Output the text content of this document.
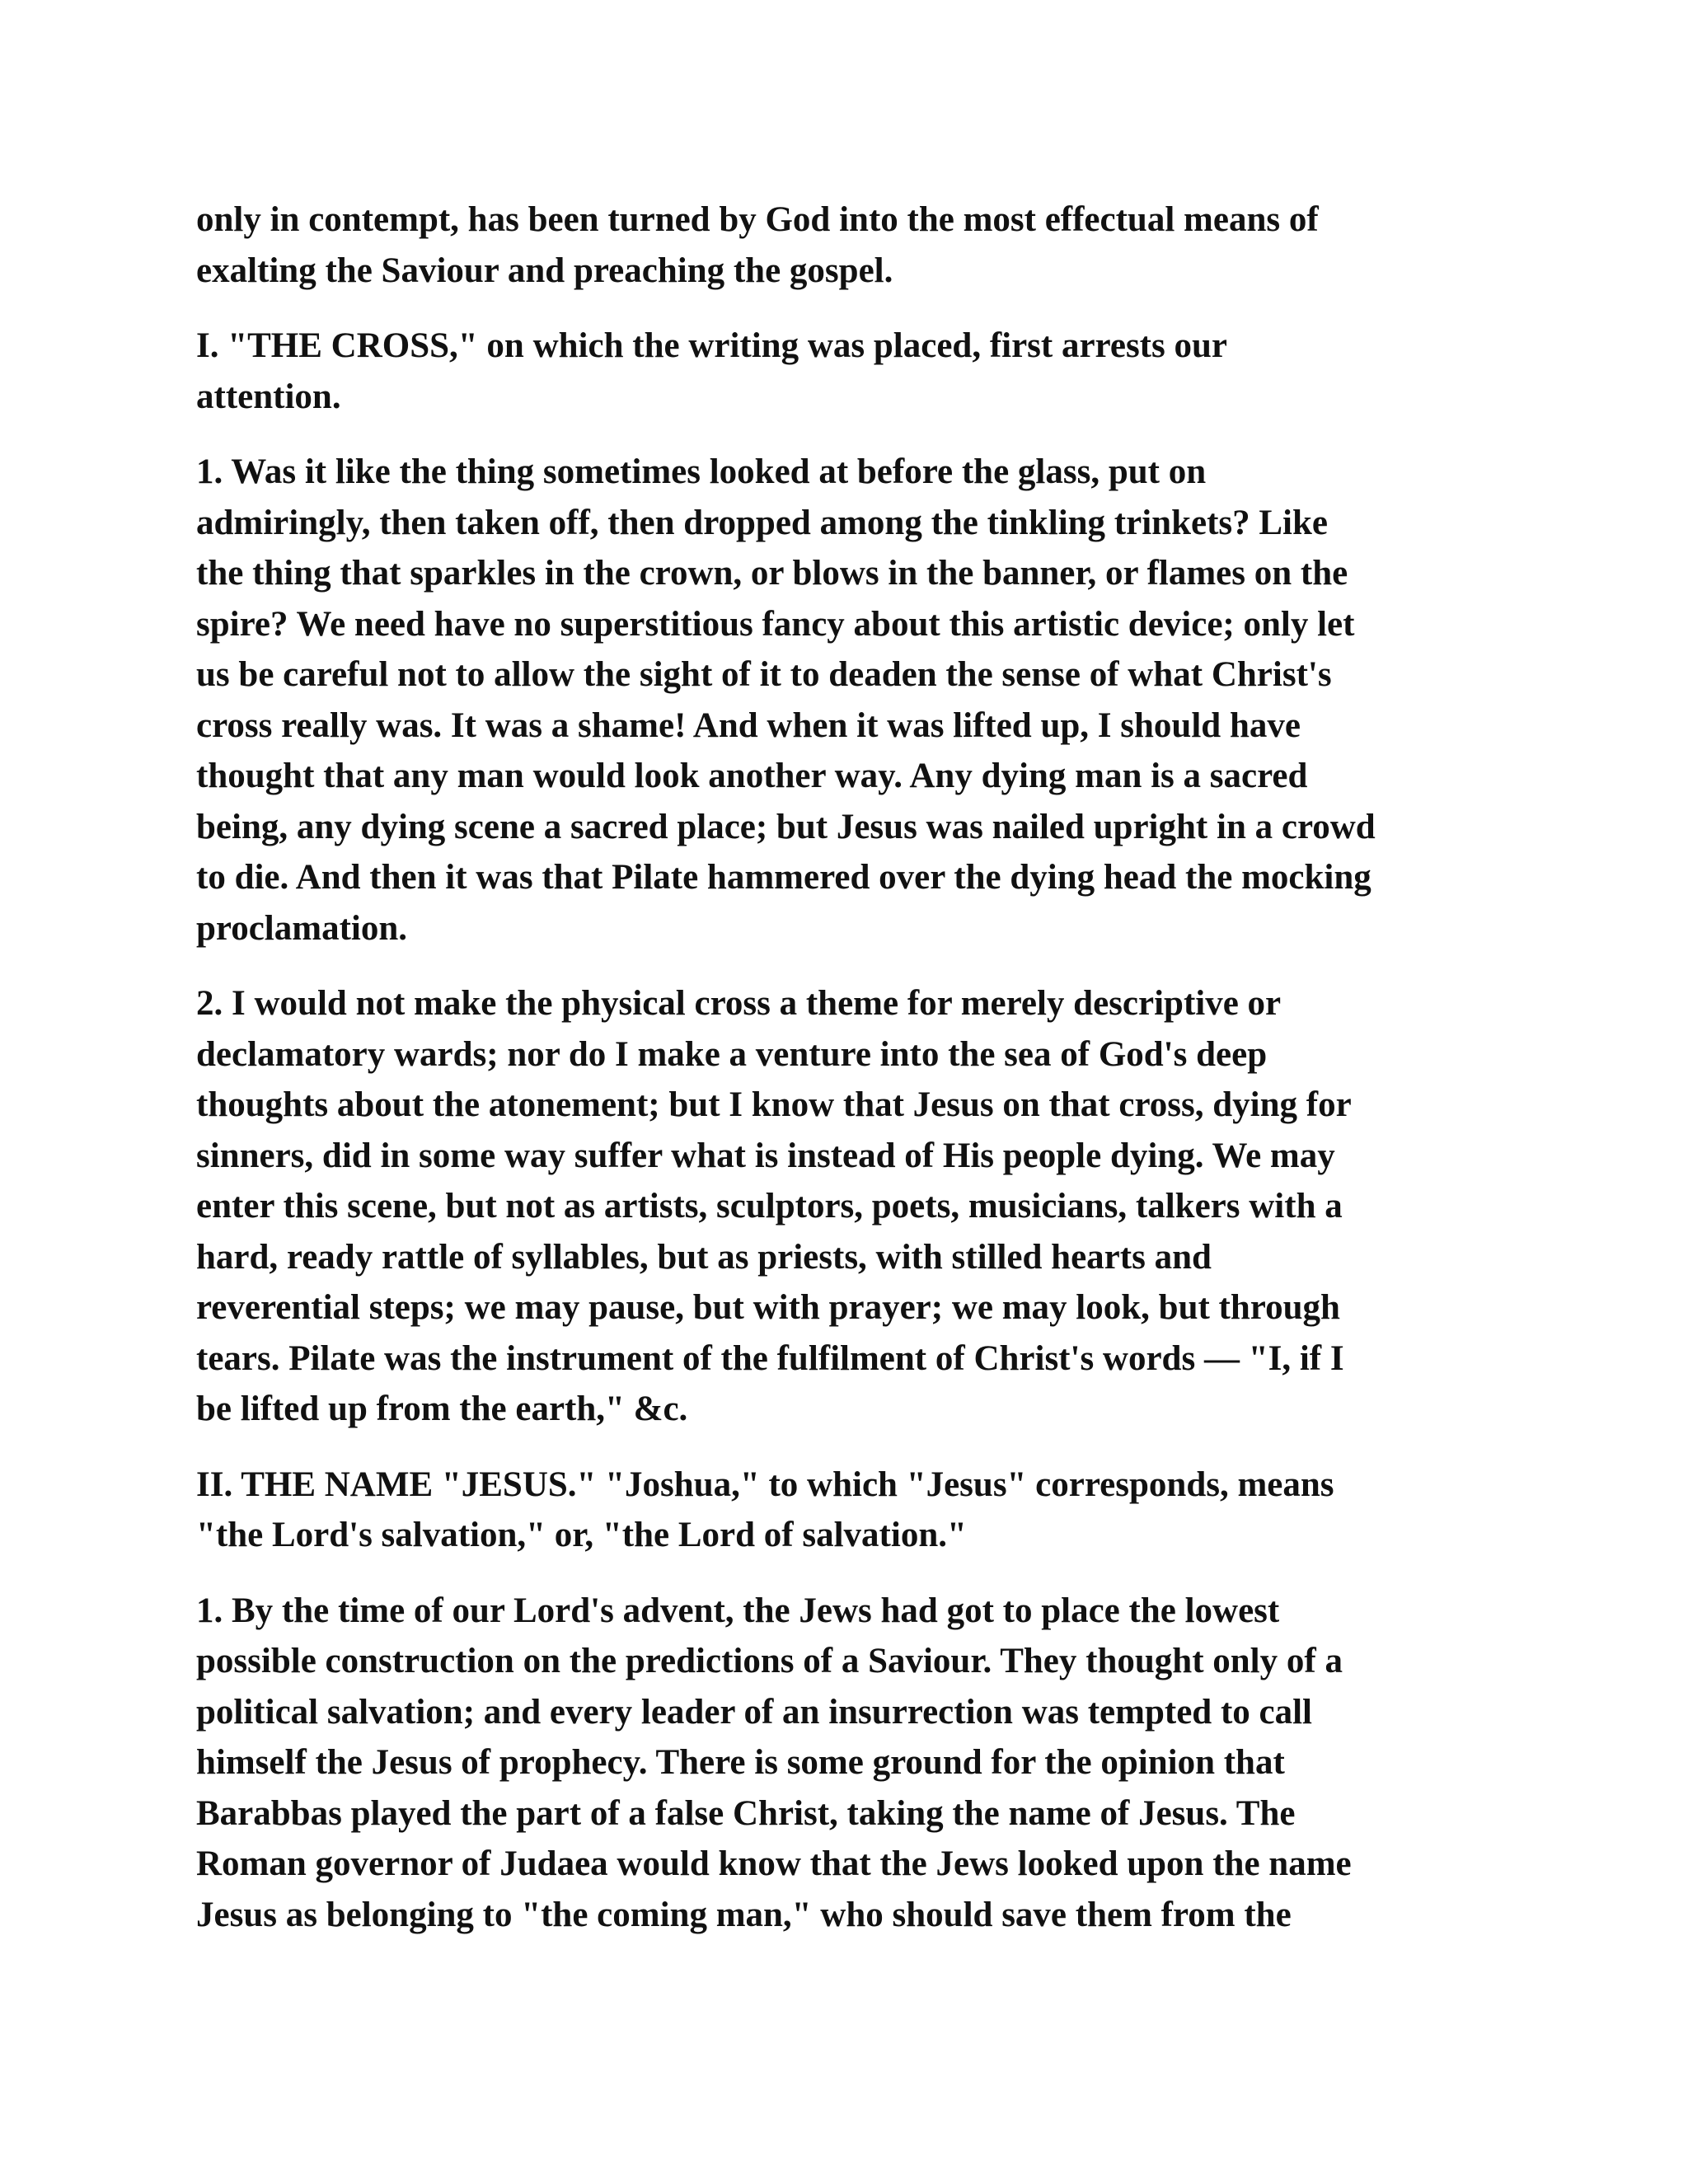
only in contempt, has been turned by God into the most effectual means of
exalting the Saviour and preaching the gospel.

I. "THE CROSS," on which the writing was placed, first arrests our
attention.

1. Was it like the thing sometimes looked at before the glass, put on
admiringly, then taken off, then dropped among the tinkling trinkets? Like
the thing that sparkles in the crown, or blows in the banner, or flames on the
spire? We need have no superstitious fancy about this artistic device; only let
us be careful not to allow the sight of it to deaden the sense of what Christ's
cross really was. It was a shame! And when it was lifted up, I should have
thought that any man would look another way. Any dying man is a sacred
being, any dying scene a sacred place; but Jesus was nailed upright in a crowd
to die. And then it was that Pilate hammered over the dying head the mocking
proclamation.

2. I would not make the physical cross a theme for merely descriptive or
declamatory wards; nor do I make a venture into the sea of God's deep
thoughts about the atonement; but I know that Jesus on that cross, dying for
sinners, did in some way suffer what is instead of His people dying. We may
enter this scene, but not as artists, sculptors, poets, musicians, talkers with a
hard, ready rattle of syllables, but as priests, with stilled hearts and
reverential steps; we may pause, but with prayer; we may look, but through
tears. Pilate was the instrument of the fulfilment of Christ's words — "I, if I
be lifted up from the earth," &c.

II. THE NAME "JESUS." "Joshua," to which "Jesus" corresponds, means
"the Lord's salvation," or, "the Lord of salvation."

1. By the time of our Lord's advent, the Jews had got to place the lowest
possible construction on the predictions of a Saviour. They thought only of a
political salvation; and every leader of an insurrection was tempted to call
himself the Jesus of prophecy. There is some ground for the opinion that
Barabbas played the part of a false Christ, taking the name of Jesus. The
Roman governor of Judaea would know that the Jews looked upon the name
Jesus as belonging to "the coming man," who should save them from the
